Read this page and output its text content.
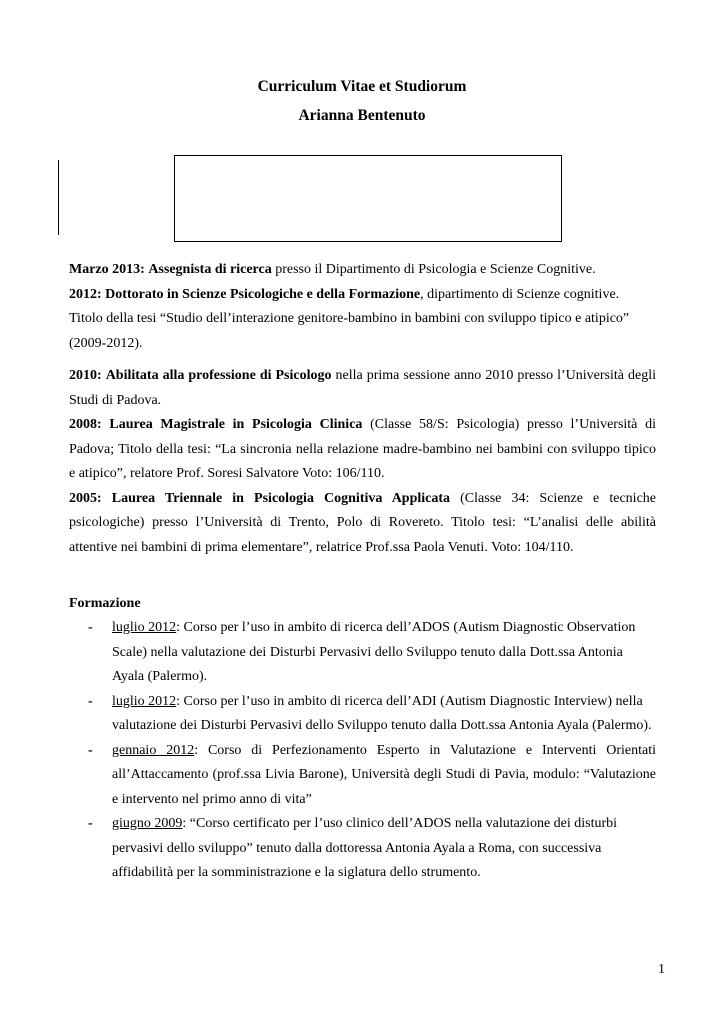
Curriculum Vitae et Studiorum
Arianna Bentenuto
Marzo 2013: Assegnista di ricerca presso il Dipartimento di Psicologia e Scienze Cognitive.
2012: Dottorato in Scienze Psicologiche e della Formazione, dipartimento di Scienze cognitive. Titolo della tesi “Studio dell’interazione genitore-bambino in bambini con sviluppo tipico e atipico” (2009-2012).
2010: Abilitata alla professione di Psicologo nella prima sessione anno 2010 presso l’Università degli Studi di Padova.
2008: Laurea Magistrale in Psicologia Clinica (Classe 58/S: Psicologia) presso l’Università di Padova; Titolo della tesi: “La sincronia nella relazione madre-bambino nei bambini con sviluppo tipico e atipico”, relatore Prof. Soresi Salvatore Voto: 106/110.
2005: Laurea Triennale in Psicologia Cognitiva Applicata (Classe 34: Scienze e tecniche psicologiche) presso l’Università di Trento, Polo di Rovereto. Titolo tesi: “L’analisi delle abilità attentive nei bambini di prima elementare”, relatrice Prof.ssa Paola Venuti. Voto: 104/110.
Formazione
- luglio 2012: Corso per l’uso in ambito di ricerca dell’ADOS (Autism Diagnostic Observation Scale) nella valutazione dei Disturbi Pervasivi dello Sviluppo tenuto dalla Dott.ssa Antonia Ayala (Palermo).
- luglio 2012: Corso per l’uso in ambito di ricerca dell’ADI (Autism Diagnostic Interview) nella valutazione dei Disturbi Pervasivi dello Sviluppo tenuto dalla Dott.ssa Antonia Ayala (Palermo).
- gennaio 2012: Corso di Perfezionamento Esperto in Valutazione e Interventi Orientati all’Attaccamento (prof.ssa Livia Barone), Università degli Studi di Pavia, modulo: “Valutazione e intervento nel primo anno di vita”
- giugno 2009: “Corso certificato per l’uso clinico dell’ADOS nella valutazione dei disturbi pervasivi dello sviluppo” tenuto dalla dottoressa Antonia Ayala a Roma, con successiva affidabilità per la somministrazione e la siglatura dello strumento.
1
